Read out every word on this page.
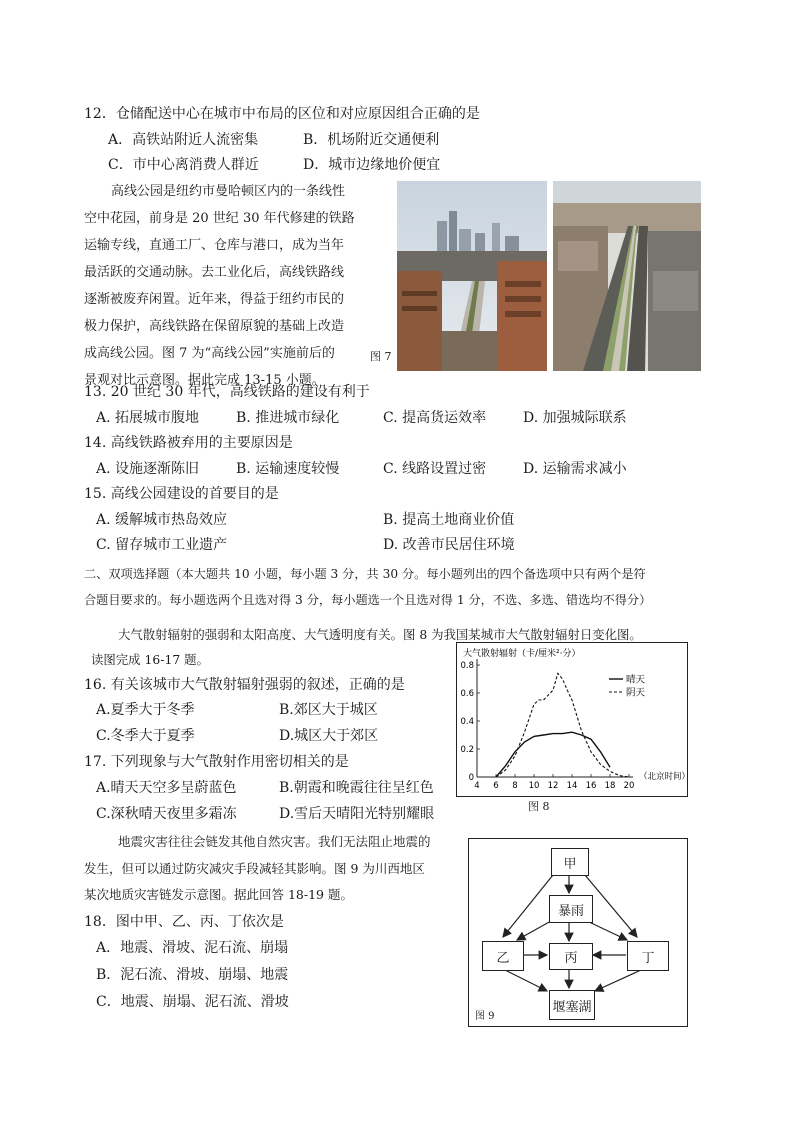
12．仓储配送中心在城市中布局的区位和对应原因组合正确的是
A．高铁站附近人流密集	B．机场附近交通便利
C．市中心离消费人群近	D．城市边缘地价便宜
高线公园是纽约市曼哈顿区内的一条线性
空中花园，前身是 20 世纪 30 年代修建的铁路
运输专线，直通工厂、仓库与港口，成为当年
最活跃的交通动脉。去工业化后，高线铁路线
逐渐被废弃闲置。近年来，得益于纽约市民的
极力保护，高线铁路在保留原貌的基础上改造
成高线公园。图 7 为“高线公园”实施前后的
景观对比示意图。据此完成 13-15 小题。
图 7
13. 20 世纪 30 年代，高线铁路的建设有利于
A. 拓展城市腹地	B. 推进城市绿化	C. 提高货运效率	D. 加强城际联系
14. 高线铁路被弃用的主要原因是
A. 设施逐渐陈旧	B. 运输速度较慢	C. 线路设置过密	D. 运输需求减小
15. 高线公园建设的首要目的是
A. 缓解城市热岛效应	B. 提高土地商业价值
C. 留存城市工业遗产	D. 改善市民居住环境
二、双项选择题（本大题共 10 小题，每小题 3 分，共 30 分。每小题列出的四个备选项中只有两个是符
合题目要求的。每小题选两个且选对得 3 分，每小题选一个且选对得 1 分，不选、多选、错选均不得分）
大气散射辐射的强弱和太阳高度、大气透明度有关。图 8 为我国某城市大气散射辐射日变化图。
读图完成 16-17 题。
16. 有关该城市大气散射辐射强弱的叙述，正确的是
A.夏季大于冬季	B.郊区大于城区
C.冬季大于夏季	D.城区大于郊区
17. 下列现象与大气散射作用密切相关的是
A.晴天天空多呈蔚蓝色	B.朝霞和晚霞往往呈红色
C.深秋晴天夜里多霜冻	D.雪后天晴阳光特别耀眼
大气散射辐射（卡/厘米²·分）
0
0.2
0.4
0.6
0.8
4 6 8 10 12 14 16 18 20
晴天
阴天
（北京时间）
图 8
地震灾害往往会链发其他自然灾害。我们无法阻止地震的
发生，但可以通过防灾减灾手段减轻其影响。图 9 为川西地区
某次地质灾害链发示意图。据此回答 18-19 题。
18．图中甲、乙、丙、丁依次是
A．地震、滑坡、泥石流、崩塌
B．泥石流、滑坡、崩塌、地震
C．地震、崩塌、泥石流、滑坡
甲
暴雨
乙	丙	丁
堰塞湖
图 9
